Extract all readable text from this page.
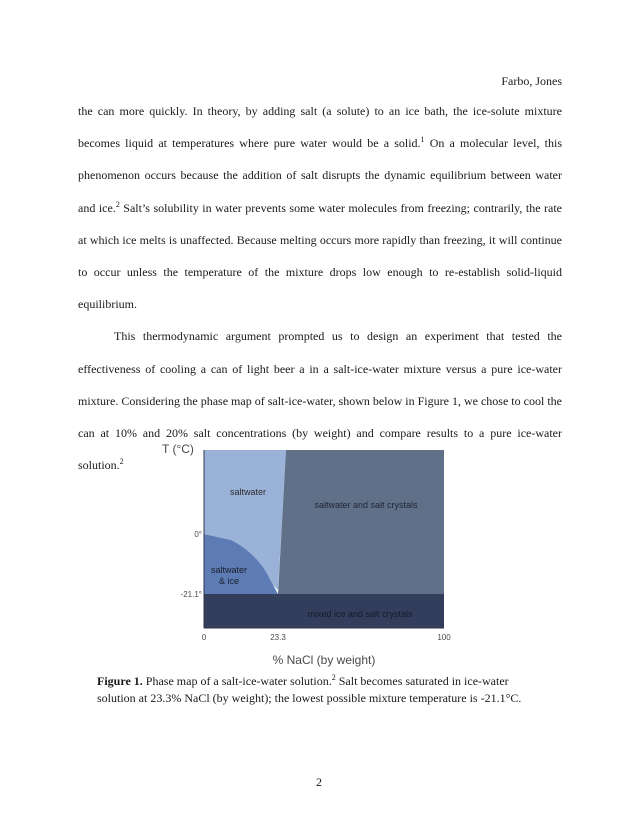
Farbo, Jones

the can more quickly. In theory, by adding salt (a solute) to an ice bath, the ice-solute mixture becomes liquid at temperatures where pure water would be a solid.$^1$ On a molecular level, this phenomenon occurs because the addition of salt disrupts the dynamic equilibrium between water and ice.$^2$ Salt’s solubility in water prevents some water molecules from freezing; contrarily, the rate at which ice melts is unaffected. Because melting occurs more rapidly than freezing, it will continue to occur unless the temperature of the mixture drops low enough to re-establish solid-liquid equilibrium.

This thermodynamic argument prompted us to design an experiment that tested the effectiveness of cooling a can of light beer a in a salt-ice-water mixture versus a pure ice-water mixture. Considering the phase map of salt-ice-water, shown below in Figure 1, we chose to cool the can at 10% and 20% salt concentrations (by weight) and compare results to a pure ice-water solution.$^2$

T (°C)
% NaCl (by weight)
0°
-21.1°
0	23.3	100
saltwater
saltwater and salt crystals
saltwater
& ice
mixed ice and salt crystals
Figure 1. Phase map of a salt-ice-water solution.$^2$ Salt becomes saturated in ice-water solution at 23.3% NaCl (by weight); the lowest possible mixture temperature is -21.1°C.
2
